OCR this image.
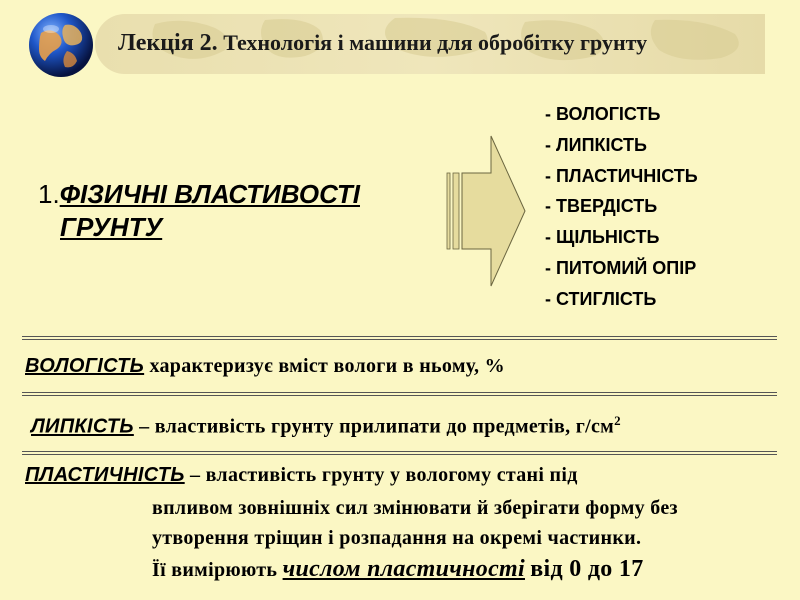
Лекція 2. Технологія і машини для обробітку грунту
1.ФІЗИЧНІ ВЛАСТИВОСТІ
ГРУНТУ
- ВОЛОГІСТЬ
- ЛИПКІСТЬ
- ПЛАСТИЧНІСТЬ
- ТВЕРДІСТЬ
- ЩІЛЬНІСТЬ
- ПИТОМИЙ ОПІР
- СТИГЛІСТЬ
ВОЛОГІСТЬ характеризує вміст вологи в ньому, %
ЛИПКІСТЬ – властивість грунту прилипати до предметів, $г/см^2$
ПЛАСТИЧНІСТЬ – властивість грунту у вологому стані під
впливом зовнішніх сил змінювати й зберігати форму без
утворення тріщин і розпадання на окремі частинки.
Її вимірюють числом пластичності від 0 до 17
